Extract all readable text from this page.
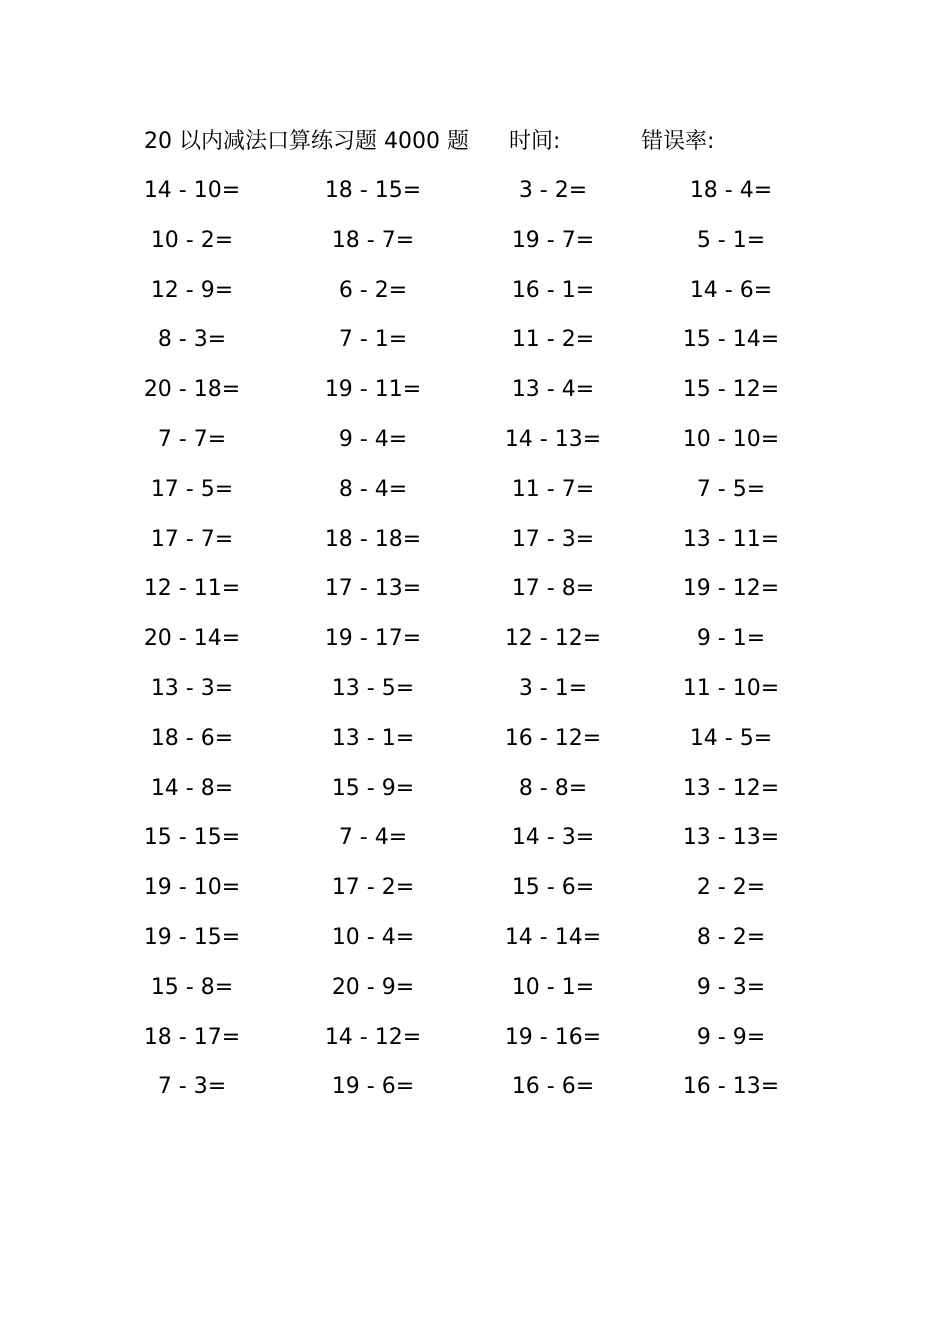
20 以内减法口算练习题 4000 题 时间:	错误率:
14 - 10=	18 - 15=	3 - 2=	18 - 4=
10 - 2=	18 - 7=	19 - 7=	5 - 1=
12 - 9=	6 - 2=	16 - 1=	14 - 6=
8 - 3=	7 - 1=	11 - 2=	15 - 14=
20 - 18=	19 - 11=	13 - 4=	15 - 12=
7 - 7=	9 - 4=	14 - 13=	10 - 10=
17 - 5=	8 - 4=	11 - 7=	7 - 5=
17 - 7=	18 - 18=	17 - 3=	13 - 11=
12 - 11=	17 - 13=	17 - 8=	19 - 12=
20 - 14=	19 - 17=	12 - 12=	9 - 1=
13 - 3=	13 - 5=	3 - 1=	11 - 10=
18 - 6=	13 - 1=	16 - 12=	14 - 5=
14 - 8=	15 - 9=	8 - 8=	13 - 12=
15 - 15=	7 - 4=	14 - 3=	13 - 13=
19 - 10=	17 - 2=	15 - 6=	2 - 2=
19 - 15=	10 - 4=	14 - 14=	8 - 2=
15 - 8=	20 - 9=	10 - 1=	9 - 3=
18 - 17=	14 - 12=	19 - 16=	9 - 9=
7 - 3=	19 - 6=	16 - 6=	16 - 13=
